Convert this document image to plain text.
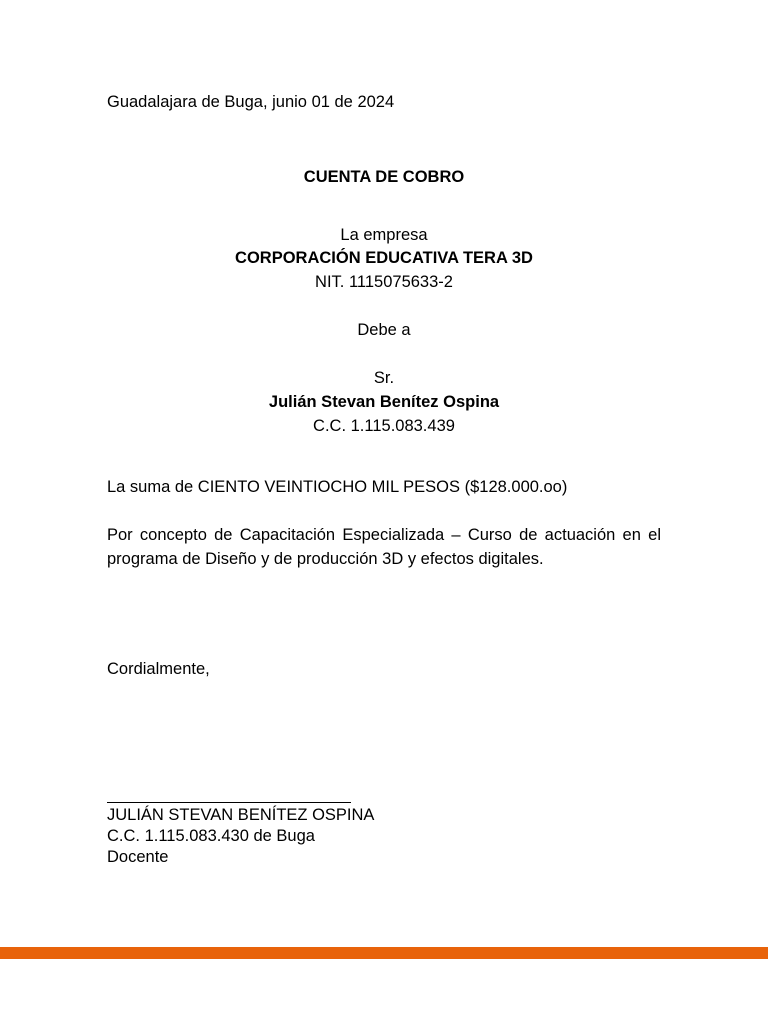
Guadalajara de Buga, junio 01 de 2024
CUENTA DE COBRO
La empresa
CORPORACIÓN EDUCATIVA TERA 3D
NIT. 1115075633-2
Debe a
Sr.
Julián Stevan Benítez Ospina
C.C. 1.115.083.439
La suma de CIENTO VEINTIOCHO MIL PESOS ($128.000.oo)
Por concepto de Capacitación Especializada – Curso de actuación en el programa de Diseño y de producción 3D y efectos digitales.
Cordialmente,
JULIÁN STEVAN BENÍTEZ OSPINA
C.C. 1.115.083.430 de Buga
Docente
